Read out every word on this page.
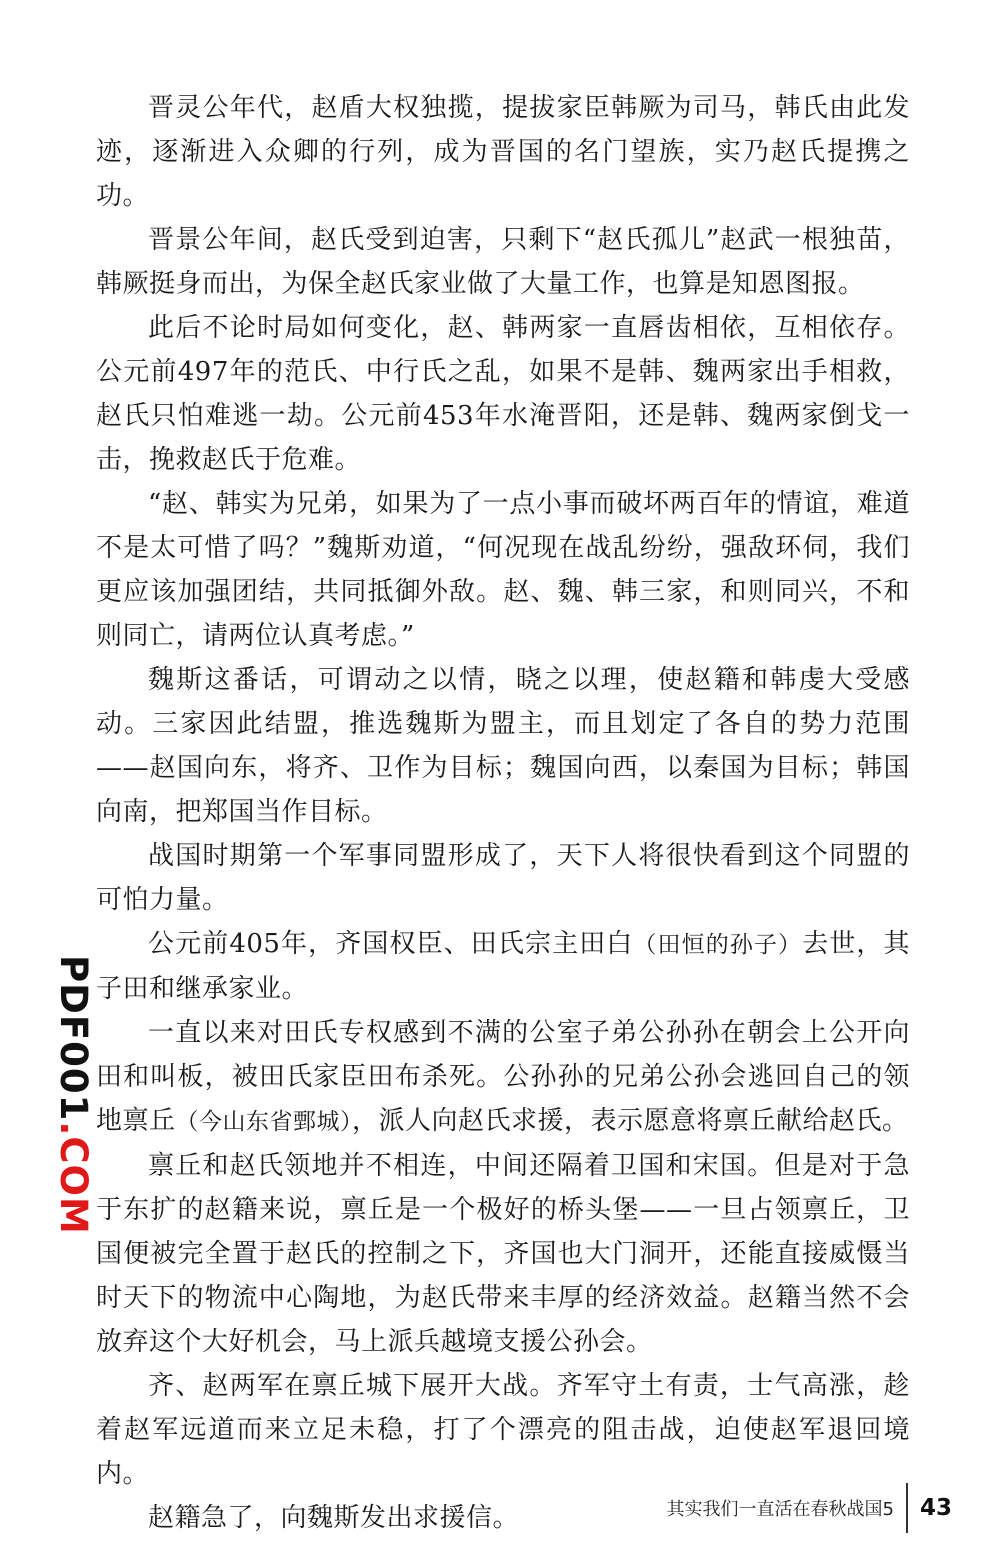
晋灵公年代，赵盾大权独揽，提拔家臣韩厥为司马，韩氏由此发迹，逐渐进入众卿的行列，成为晋国的名门望族，实乃赵氏提携之功。

晋景公年间，赵氏受到迫害，只剩下“赵氏孤儿”赵武一根独苗，韩厥挺身而出，为保全赵氏家业做了大量工作，也算是知恩图报。

此后不论时局如何变化，赵、韩两家一直唇齿相依，互相依存。公元前497年的范氏、中行氏之乱，如果不是韩、魏两家出手相救，赵氏只怕难逃一劫。公元前453年水淹晋阳，还是韩、魏两家倒戈一击，挽救赵氏于危难。

“赵、韩实为兄弟，如果为了一点小事而破坏两百年的情谊，难道不是太可惜了吗？”魏斯劝道，“何况现在战乱纷纷，强敌环伺，我们更应该加强团结，共同抵御外敌。赵、魏、韩三家，和则同兴，不和则同亡，请两位认真考虑。”

魏斯这番话，可谓动之以情，晓之以理，使赵籍和韩虔大受感动。三家因此结盟，推选魏斯为盟主，而且划定了各自的势力范围——赵国向东，将齐、卫作为目标；魏国向西，以秦国为目标；韩国向南，把郑国当作目标。

战国时期第一个军事同盟形成了，天下人将很快看到这个同盟的可怕力量。

公元前405年，齐国权臣、田氏宗主田白（田恒的孙子）去世，其子田和继承家业。

一直以来对田氏专权感到不满的公室子弟公孙孙在朝会上公开向田和叫板，被田氏家臣田布杀死。公孙孙的兄弟公孙会逃回自己的领地禀丘（今山东省鄄城），派人向赵氏求援，表示愿意将禀丘献给赵氏。

禀丘和赵氏领地并不相连，中间还隔着卫国和宋国。但是对于急于东扩的赵籍来说，禀丘是一个极好的桥头堡——一旦占领禀丘，卫国便被完全置于赵氏的控制之下，齐国也大门洞开，还能直接威慑当时天下的物流中心陶地，为赵氏带来丰厚的经济效益。赵籍当然不会放弃这个大好机会，马上派兵越境支援公孙会。

齐、赵两军在禀丘城下展开大战。齐军守土有责，士气高涨，趁着赵军远道而来立足未稳，打了个漂亮的阻击战，迫使赵军退回境内。

赵籍急了，向魏斯发出求援信。

PDF001.COM
其实我们一直活在春秋战国5	43
